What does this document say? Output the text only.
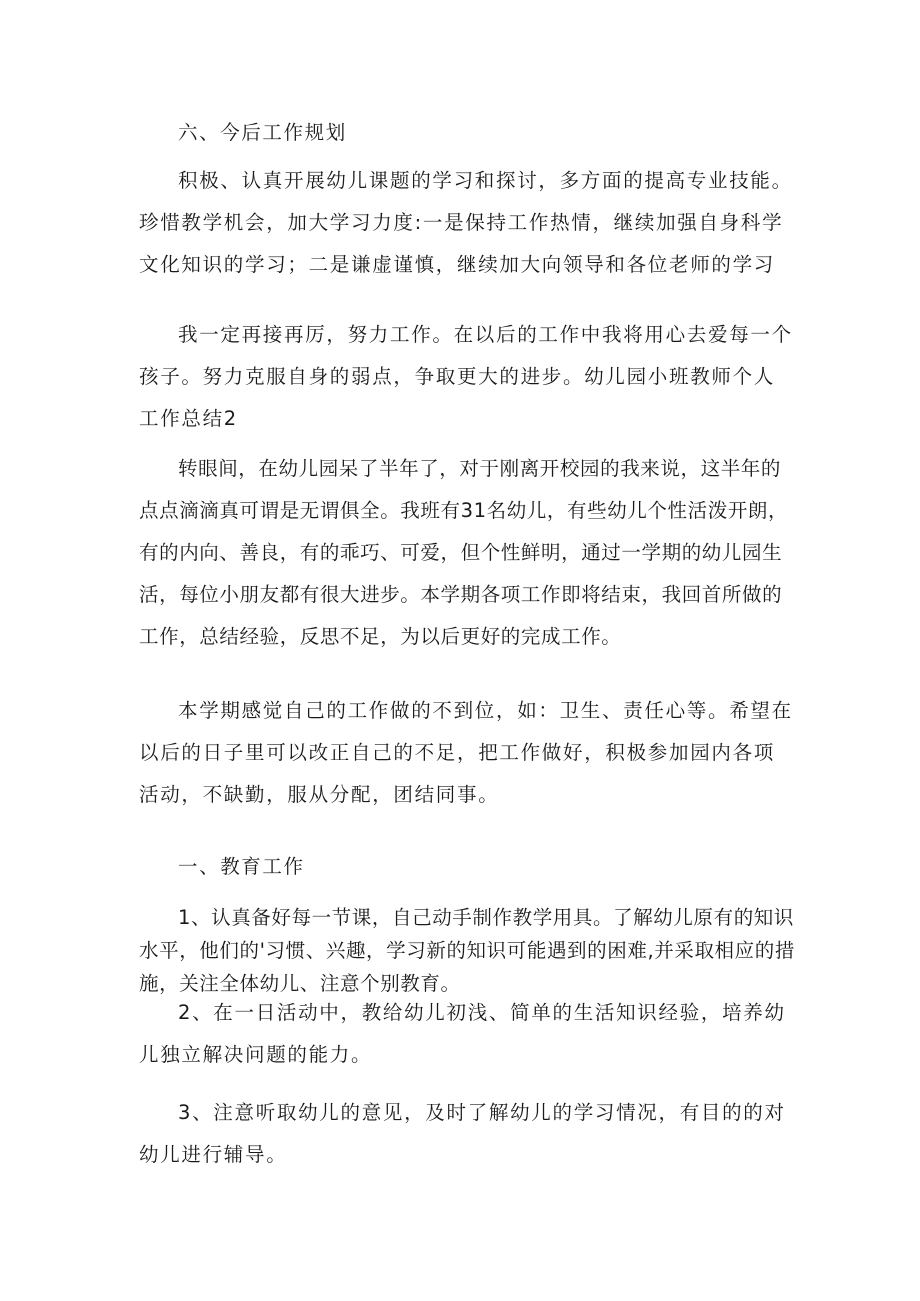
六、今后工作规划

积极、认真开展幼儿课题的学习和探讨，多方面的提高专业技能。珍惜教学机会，加大学习力度:一是保持工作热情，继续加强自身科学文化知识的学习；二是谦虚谨慎，继续加大向领导和各位老师的学习

我一定再接再厉，努力工作。在以后的工作中我将用心去爱每一个孩子。努力克服自身的弱点，争取更大的进步。幼儿园小班教师个人工作总结2

转眼间，在幼儿园呆了半年了，对于刚离开校园的我来说，这半年的点点滴滴真可谓是无谓俱全。我班有31名幼儿，有些幼儿个性活泼开朗，有的内向、善良，有的乖巧、可爱，但个性鲜明，通过一学期的幼儿园生活，每位小朋友都有很大进步。本学期各项工作即将结束，我回首所做的工作，总结经验，反思不足，为以后更好的完成工作。

本学期感觉自己的工作做的不到位，如：卫生、责任心等。希望在以后的日子里可以改正自己的不足，把工作做好，积极参加园内各项活动，不缺勤，服从分配，团结同事。

一、教育工作

1、认真备好每一节课，自己动手制作教学用具。了解幼儿原有的知识水平，他们的'习惯、兴趣，学习新的知识可能遇到的困难,并采取相应的措施，关注全体幼儿、注意个别教育。

2、在一日活动中，教给幼儿初浅、简单的生活知识经验，培养幼儿独立解决问题的能力。

3、注意听取幼儿的意见，及时了解幼儿的学习情况，有目的的对幼儿进行辅导。
